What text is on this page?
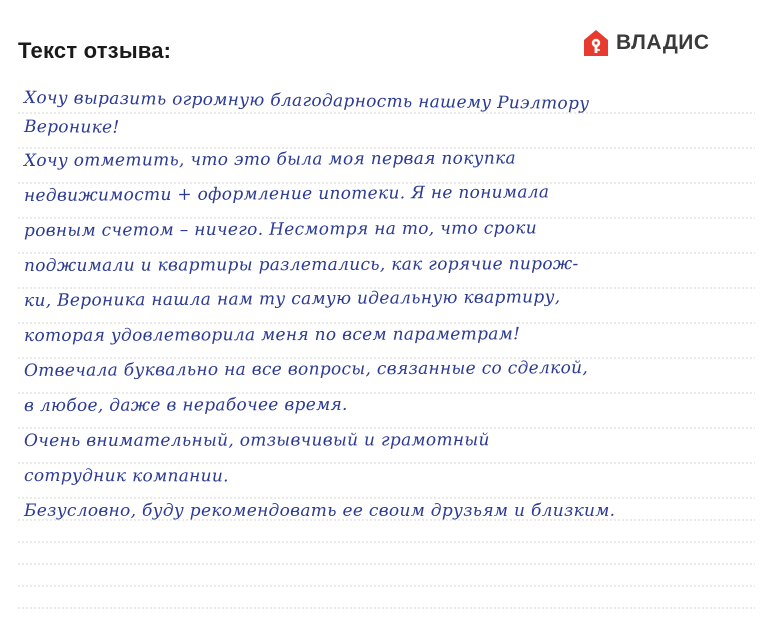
Текст отзыва:	ВЛАДИС
Хочу выразить огромную благодарность нашему Риэлтору
Веронике!
Хочу отметить, что это была моя первая покупка
недвижимости + оформление ипотеки. Я не понимала
ровным счетом – ничего. Несмотря на то, что сроки
поджимали и квартиры разлетались, как горячие пирож-
ки, Вероника нашла нам ту самую идеальную квартиру,
которая удовлетворила меня по всем параметрам!
Отвечала буквально на все вопросы, связанные со сделкой,
в любое, даже в нерабочее время.
Очень внимательный, отзывчивый и грамотный
сотрудник компании.
Безусловно, буду рекомендовать ее своим друзьям и близким.
